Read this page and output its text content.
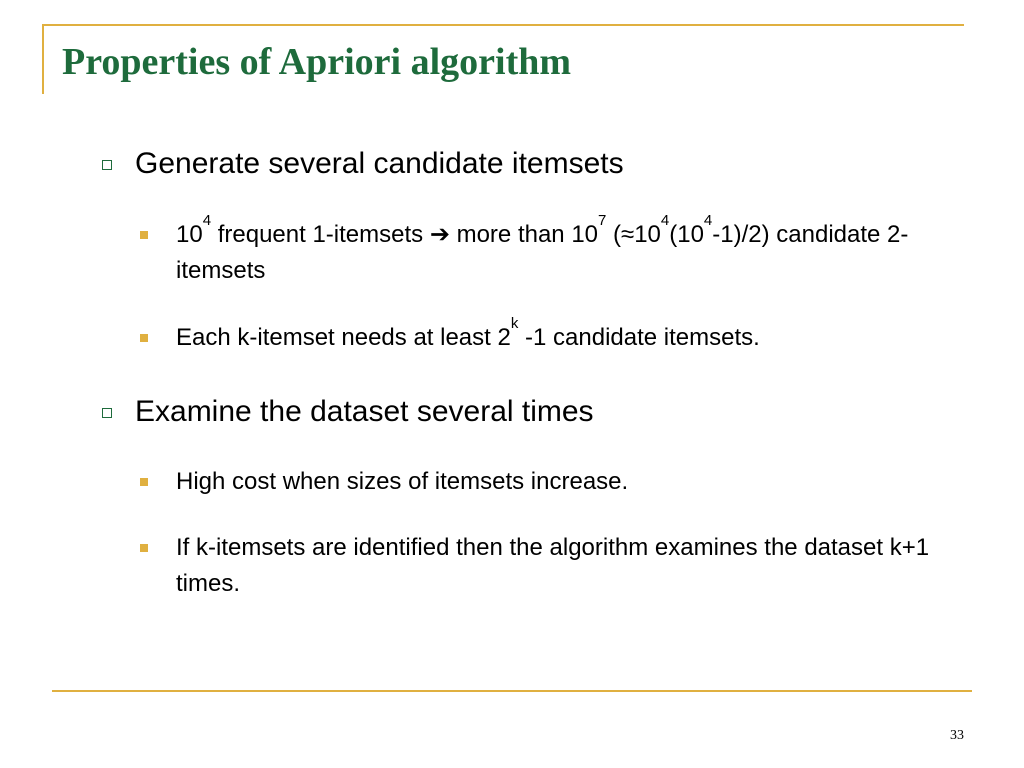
Properties of Apriori algorithm
Generate several candidate itemsets
$10^4$ frequent 1-itemsets ➔ more than $10^7$ $(\approx 10^4(10^4-1)/2)$ candidate 2-itemsets
Each k-itemset needs at least 2$^k$ -1 candidate itemsets.
Examine the dataset several times
High cost when sizes of itemsets increase.
If k-itemsets are identified then the algorithm examines the dataset k+1 times.
33
